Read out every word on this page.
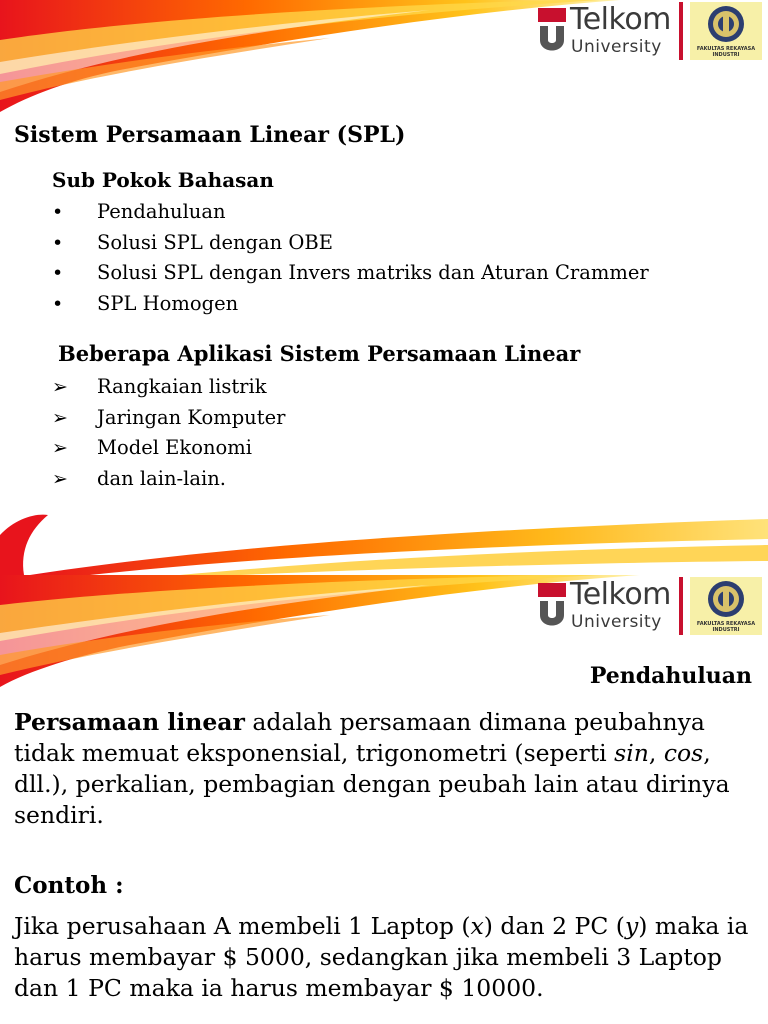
Telkom
University	FAKULTAS REKAYASA INDUSTRI
Sistem Persamaan Linear (SPL)
Sub Pokok Bahasan
• Pendahuluan
• Solusi SPL dengan OBE
• Solusi SPL dengan Invers matriks dan Aturan Crammer
• SPL Homogen
Beberapa Aplikasi Sistem Persamaan Linear
➢ Rangkaian listrik
➢ Jaringan Komputer
➢ Model Ekonomi
➢ dan lain-lain.
Telkom
University	FAKULTAS REKAYASA INDUSTRI
Pendahuluan

Persamaan linear adalah persamaan dimana peubahnya tidak memuat eksponensial, trigonometri (seperti sin, cos, dll.), perkalian, pembagian dengan peubah lain atau dirinya sendiri.

Contoh :

Jika perusahaan A membeli 1 Laptop (x) dan 2 PC (y) maka ia harus membayar $ 5000, sedangkan jika membeli 3 Laptop dan 1 PC maka ia harus membayar $ 10000.
